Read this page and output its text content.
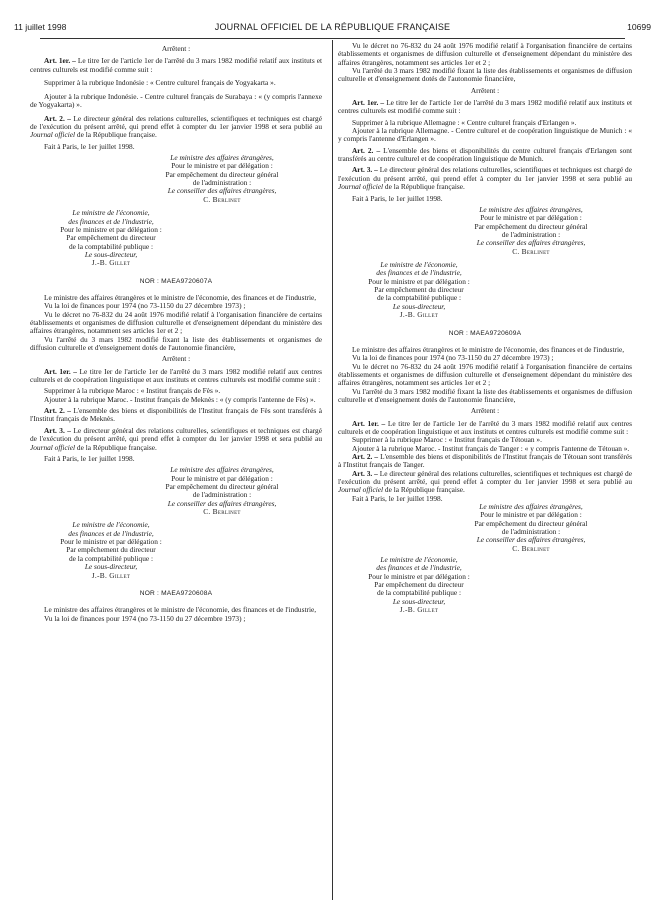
11 juillet 1998	JOURNAL OFFICIEL DE LA RÉPUBLIQUE FRANÇAISE	10699

Arrêtent :

Art. 1er. – Le titre Ier de l'article 1er de l'arrêté du 3 mars 1982 modifié relatif aux instituts et centres culturels est modifié comme suit :

Supprimer à la rubrique Indonésie : « Centre culturel français de Yogyakarta ».

Ajouter à la rubrique Indonésie. - Centre culturel français de Surabaya : « (y compris l'annexe de Yogyakarta) ».

Art. 2. – Le directeur général des relations culturelles, scientifiques et techniques est chargé de l'exécution du présent arrêté, qui prend effet à compter du 1er janvier 1998 et sera publié au Journal officiel de la République française.

Fait à Paris, le 1er juillet 1998.

Le ministre des affaires étrangères,

Pour le ministre et par délégation :

Par empêchement du directeur général

de l'administration :

Le conseiller des affaires étrangères,

C. Berlinet

Le ministre de l'économie,

des finances et de l'industrie,

Pour le ministre et par délégation :

Par empêchement du directeur

de la comptabilité publique :

Le sous-directeur,

J.-B. Gillet

NOR : MAEA9720607A

Le ministre des affaires étrangères et le ministre de l'économie, des finances et de l'industrie,

Vu la loi de finances pour 1974 (no 73-1150 du 27 décembre 1973) ;

Vu le décret no 76-832 du 24 août 1976 modifié relatif à l'organisation financière de certains établissements et organismes de diffusion culturelle et d'enseignement dépendant du ministère des affaires étrangères, notamment ses articles 1er et 2 ;

Vu l'arrêté du 3 mars 1982 modifié fixant la liste des établissements et organismes de diffusion culturelle et d'enseignement dotés de l'autonomie financière,

Arrêtent :

Art. 1er. – Le titre Ier de l'article 1er de l'arrêté du 3 mars 1982 modifié relatif aux centres culturels et de coopération linguistique et aux instituts et centres culturels est modifié comme suit :

Supprimer à la rubrique Maroc : « Institut français de Fès ».

Ajouter à la rubrique Maroc. - Institut français de Meknès : « (y compris l'antenne de Fès) ».

Art. 2. – L'ensemble des biens et disponibilités de l'Institut français de Fès sont transférés à l'Institut français de Meknès.

Art. 3. – Le directeur général des relations culturelles, scientifiques et techniques est chargé de l'exécution du présent arrêté, qui prend effet à compter du 1er janvier 1998 et sera publié au Journal officiel de la République française.

Fait à Paris, le 1er juillet 1998.

Le ministre des affaires étrangères,

Pour le ministre et par délégation :

Par empêchement du directeur général

de l'administration :

Le conseiller des affaires étrangères,

C. Berlinet

Le ministre de l'économie,

des finances et de l'industrie,

Pour le ministre et par délégation :

Par empêchement du directeur

de la comptabilité publique :

Le sous-directeur,

J.-B. Gillet

NOR : MAEA9720608A

Le ministre des affaires étrangères et le ministre de l'économie, des finances et de l'industrie,

Vu la loi de finances pour 1974 (no 73-1150 du 27 décembre 1973) ;

Vu le décret no 76-832 du 24 août 1976 modifié relatif à l'organisation financière de certains établissements et organismes de diffusion culturelle et d'enseignement dépendant du ministère des affaires étrangères, notamment ses articles 1er et 2 ;

Vu l'arrêté du 3 mars 1982 modifié fixant la liste des établissements et organismes de diffusion culturelle et d'enseignement dotés de l'autonomie financière,

Arrêtent :

Art. 1er. – Le titre Ier de l'article 1er de l'arrêté du 3 mars 1982 modifié relatif aux instituts et centres culturels est modifié comme suit :

Supprimer à la rubrique Allemagne : « Centre culturel français d'Erlangen ».

Ajouter à la rubrique Allemagne. - Centre culturel et de coopération linguistique de Munich : « y compris l'antenne d'Erlangen ».

Art. 2. – L'ensemble des biens et disponibilités du centre culturel français d'Erlangen sont transférés au centre culturel et de coopération linguistique de Munich.

Art. 3. – Le directeur général des relations culturelles, scientifiques et techniques est chargé de l'exécution du présent arrêté, qui prend effet à compter du 1er janvier 1998 et sera publié au Journal officiel de la République française.

Fait à Paris, le 1er juillet 1998.

Le ministre des affaires étrangères,

Pour le ministre et par délégation :

Par empêchement du directeur général

de l'administration :

Le conseiller des affaires étrangères,

C. Berlinet

Le ministre de l'économie,

des finances et de l'industrie,

Pour le ministre et par délégation :

Par empêchement du directeur

de la comptabilité publique :

Le sous-directeur,

J.-B. Gillet

NOR : MAEA9720609A

Le ministre des affaires étrangères et le ministre de l'économie, des finances et de l'industrie,

Vu la loi de finances pour 1974 (no 73-1150 du 27 décembre 1973) ;

Vu le décret no 76-832 du 24 août 1976 modifié relatif à l'organisation financière de certains établissements et organismes de diffusion culturelle et d'enseignement dépendant du ministère des affaires étrangères, notamment ses articles 1er et 2 ;

Vu l'arrêté du 3 mars 1982 modifié fixant la liste des établissements et organismes de diffusion culturelle et d'enseignement dotés de l'autonomie financière,

Arrêtent :

Art. 1er. – Le titre Ier de l'article 1er de l'arrêté du 3 mars 1982 modifié relatif aux centres culturels et de coopération linguistique et aux instituts et centres culturels est modifié comme suit :

Supprimer à la rubrique Maroc : « Institut français de Tétouan ».

Ajouter à la rubrique Maroc. - Institut français de Tanger : « y compris l'antenne de Tétouan ».

Art. 2. – L'ensemble des biens et disponibilités de l'Institut français de Tétouan sont transférés à l'Institut français de Tanger.

Art. 3. – Le directeur général des relations culturelles, scientifiques et techniques est chargé de l'exécution du présent arrêté, qui prend effet à compter du 1er janvier 1998 et sera publié au Journal officiel de la République française.

Fait à Paris, le 1er juillet 1998.

Le ministre des affaires étrangères,

Pour le ministre et par délégation :

Par empêchement du directeur général

de l'administration :

Le conseiller des affaires étrangères,

C. Berlinet

Le ministre de l'économie,

des finances et de l'industrie,

Pour le ministre et par délégation :

Par empêchement du directeur

de la comptabilité publique :

Le sous-directeur,

J.-B. Gillet
